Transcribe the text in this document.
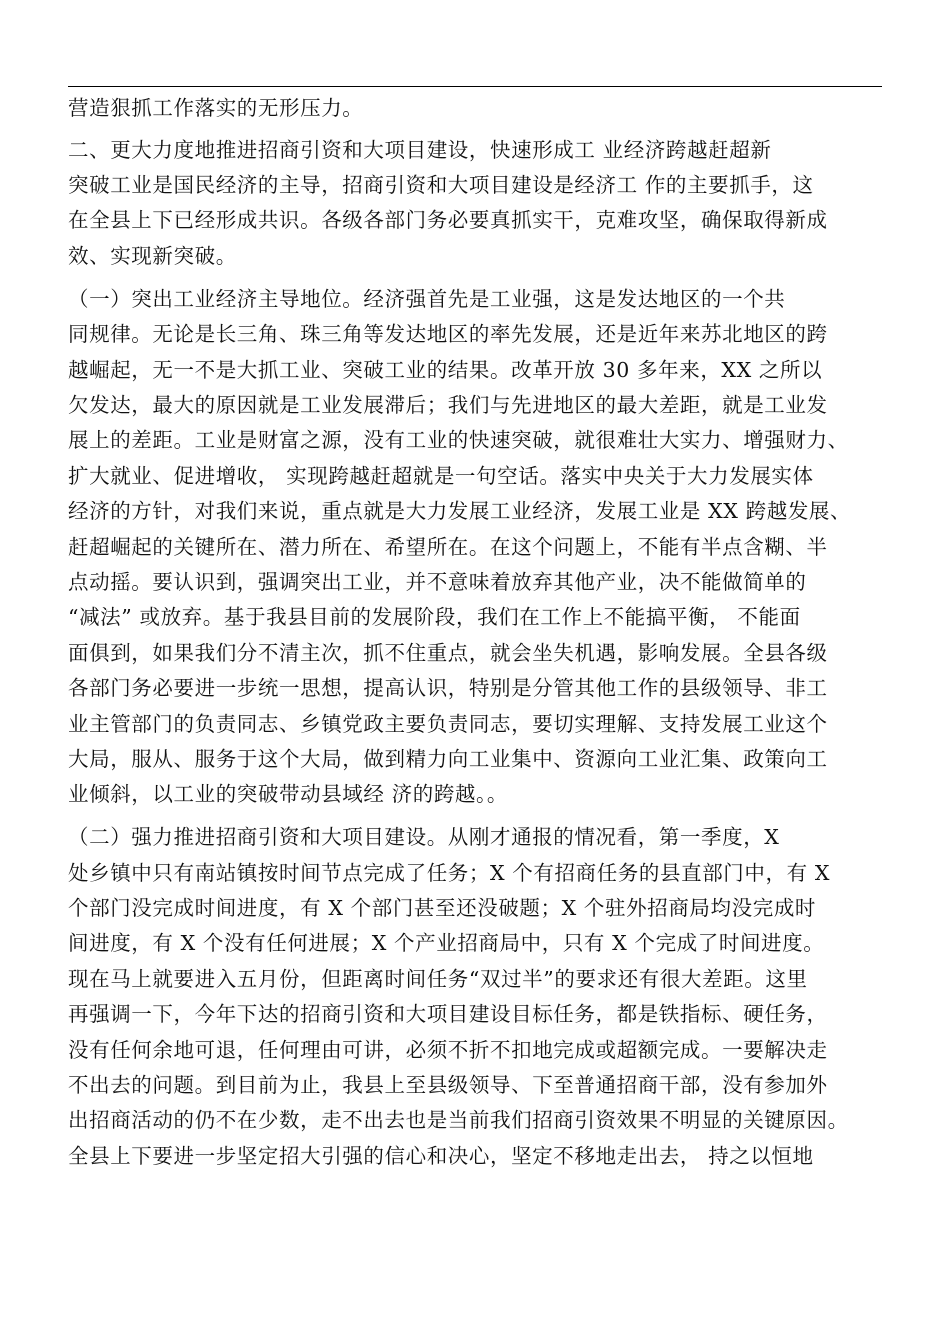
营造狠抓工作落实的无形压力。
二、更大力度地推进招商引资和大项目建设，快速形成工 业经济跨越赶超新
突破工业是国民经济的主导，招商引资和大项目建设是经济工 作的主要抓手，这
在全县上下已经形成共识。各级各部门务必要真抓实干，克难攻坚，确保取得新成
效、实现新突破。
（一）突出工业经济主导地位。经济强首先是工业强，这是发达地区的一个共
同规律。无论是长三角、珠三角等发达地区的率先发展，还是近年来苏北地区的跨
越崛起，无一不是大抓工业、突破工业的结果。改革开放 30 多年来，XX 之所以
欠发达，最大的原因就是工业发展滞后；我们与先进地区的最大差距，就是工业发
展上的差距。工业是财富之源，没有工业的快速突破，就很难壮大实力、增强财力、
扩大就业、促进增收， 实现跨越赶超就是一句空话。落实中央关于大力发展实体
经济的方针，对我们来说，重点就是大力发展工业经济，发展工业是 XX 跨越发展、
赶超崛起的关键所在、潜力所在、希望所在。在这个问题上，不能有半点含糊、半
点动摇。要认识到，强调突出工业，并不意味着放弃其他产业，决不能做简单的
“减法” 或放弃。基于我县目前的发展阶段，我们在工作上不能搞平衡， 不能面
面俱到，如果我们分不清主次，抓不住重点，就会坐失机遇，影响发展。全县各级
各部门务必要进一步统一思想，提高认识，特别是分管其他工作的县级领导、非工
业主管部门的负责同志、乡镇党政主要负责同志，要切实理解、支持发展工业这个
大局，服从、服务于这个大局，做到精力向工业集中、资源向工业汇集、政策向工
业倾斜，以工业的突破带动县域经 济的跨越。。
（二）强力推进招商引资和大项目建设。从刚才通报的情况看，第一季度，X
处乡镇中只有南站镇按时间节点完成了任务；X 个有招商任务的县直部门中，有 X
个部门没完成时间进度，有 X 个部门甚至还没破题；X 个驻外招商局均没完成时
间进度，有 X 个没有任何进展；X 个产业招商局中，只有 X 个完成了时间进度。
现在马上就要进入五月份，但距离时间任务“双过半”的要求还有很大差距。这里
再强调一下，今年下达的招商引资和大项目建设目标任务，都是铁指标、硬任务，
没有任何余地可退，任何理由可讲，必须不折不扣地完成或超额完成。一要解决走
不出去的问题。到目前为止，我县上至县级领导、下至普通招商干部，没有参加外
出招商活动的仍不在少数，走不出去也是当前我们招商引资效果不明显的关键原因。
全县上下要进一步坚定招大引强的信心和决心，坚定不移地走出去， 持之以恒地
